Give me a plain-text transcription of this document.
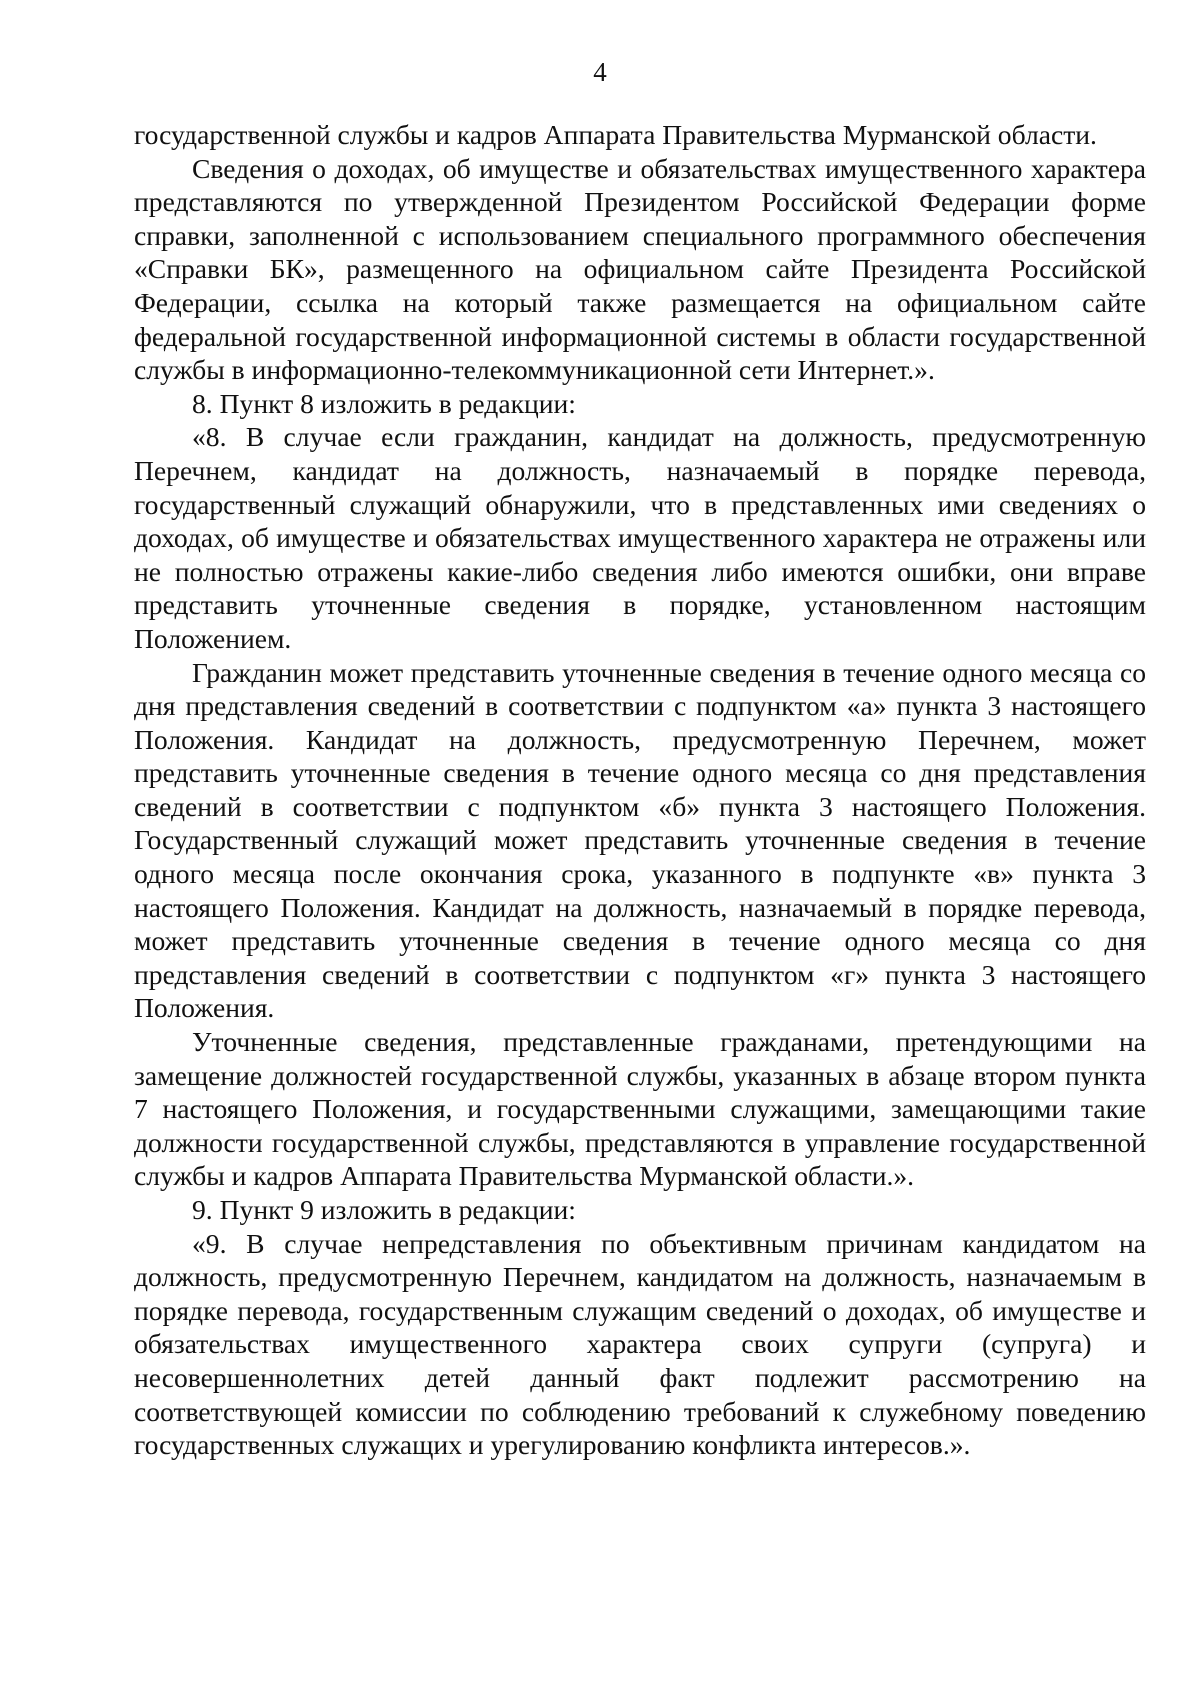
4

государственной службы и кадров Аппарата Правительства Мурманской области.

Сведения о доходах, об имуществе и обязательствах имущественного характера представляются по утвержденной Президентом Российской Федерации форме справки, заполненной с использованием специального программного обеспечения «Справки БК», размещенного на официальном сайте Президента Российской Федерации, ссылка на который также размещается на официальном сайте федеральной государственной информационной системы в области государственной службы в информационно-телекоммуникационной сети Интернет.».

8. Пункт 8 изложить в редакции:

«8. В случае если гражданин, кандидат на должность, предусмотренную Перечнем, кандидат на должность, назначаемый в порядке перевода, государственный служащий обнаружили, что в представленных ими сведениях о доходах, об имуществе и обязательствах имущественного характера не отражены или не полностью отражены какие-либо сведения либо имеются ошибки, они вправе представить уточненные сведения в порядке, установленном настоящим Положением.

Гражданин может представить уточненные сведения в течение одного месяца со дня представления сведений в соответствии с подпунктом «а» пункта 3 настоящего Положения. Кандидат на должность, предусмотренную Перечнем, может представить уточненные сведения в течение одного месяца со дня представления сведений в соответствии с подпунктом «б» пункта 3 настоящего Положения. Государственный служащий может представить уточненные сведения в течение одного месяца после окончания срока, указанного в подпункте «в» пункта 3 настоящего Положения. Кандидат на должность, назначаемый в порядке перевода, может представить уточненные сведения в течение одного месяца со дня представления сведений в соответствии с подпунктом «г» пункта 3 настоящего Положения.

Уточненные сведения, представленные гражданами, претендующими на замещение должностей государственной службы, указанных в абзаце втором пункта 7 настоящего Положения, и государственными служащими, замещающими такие должности государственной службы, представляются в управление государственной службы и кадров Аппарата Правительства Мурманской области.».

9. Пункт 9 изложить в редакции:

«9. В случае непредставления по объективным причинам кандидатом на должность, предусмотренную Перечнем, кандидатом на должность, назначаемым в порядке перевода, государственным служащим сведений о доходах, об имуществе и обязательствах имущественного характера своих супруги (супруга) и несовершеннолетних детей данный факт подлежит рассмотрению на соответствующей комиссии по соблюдению требований к служебному поведению государственных служащих и урегулированию конфликта интересов.».
